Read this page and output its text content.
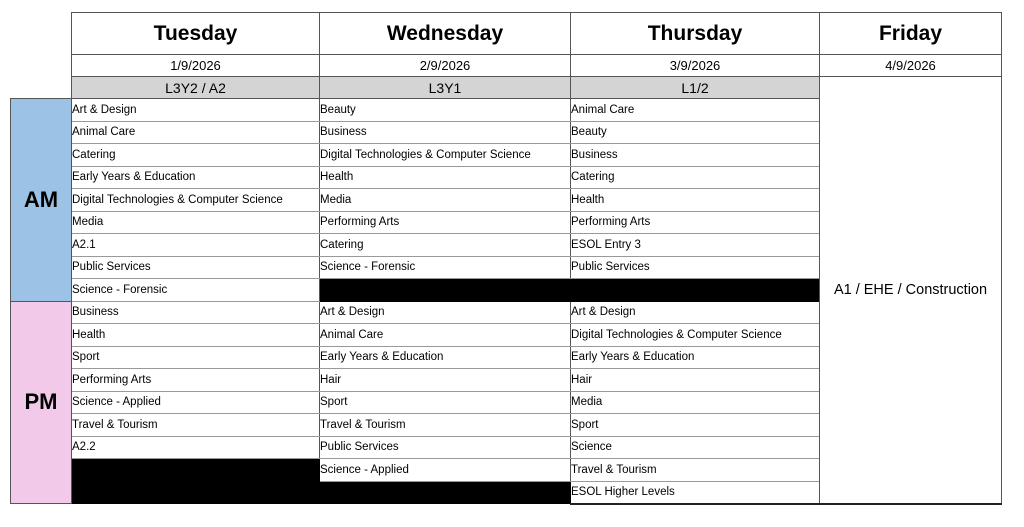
	Tuesday	Wednesday	Thursday	Friday
	1/9/2026	2/9/2026	3/9/2026	4/9/2026
	L3Y2 / A2	L3Y1	L1/2	A1 / EHE / Construction
AM	Art & Design	Beauty	Animal Care	
	Animal Care	Business	Beauty	
	Catering	Digital Technologies & Computer Science	Business	
	Early Years & Education	Health	Catering	
	Digital Technologies & Computer Science	Media	Health	
	Media	Performing Arts	Performing Arts	
	A2.1	Catering	ESOL Entry 3	
	Public Services	Science - Forensic	Public Services	
	Science - Forensic			
PM	Business	Art & Design	Art & Design	
	Health	Animal Care	Digital Technologies & Computer Science	
	Sport	Early Years & Education	Early Years & Education	
	Performing Arts	Hair	Hair	
	Science - Applied	Sport	Media	
	Travel & Tourism	Travel & Tourism	Sport	
	A2.2	Public Services	Science	
		Science - Applied	Travel & Tourism	
			ESOL Higher Levels	
